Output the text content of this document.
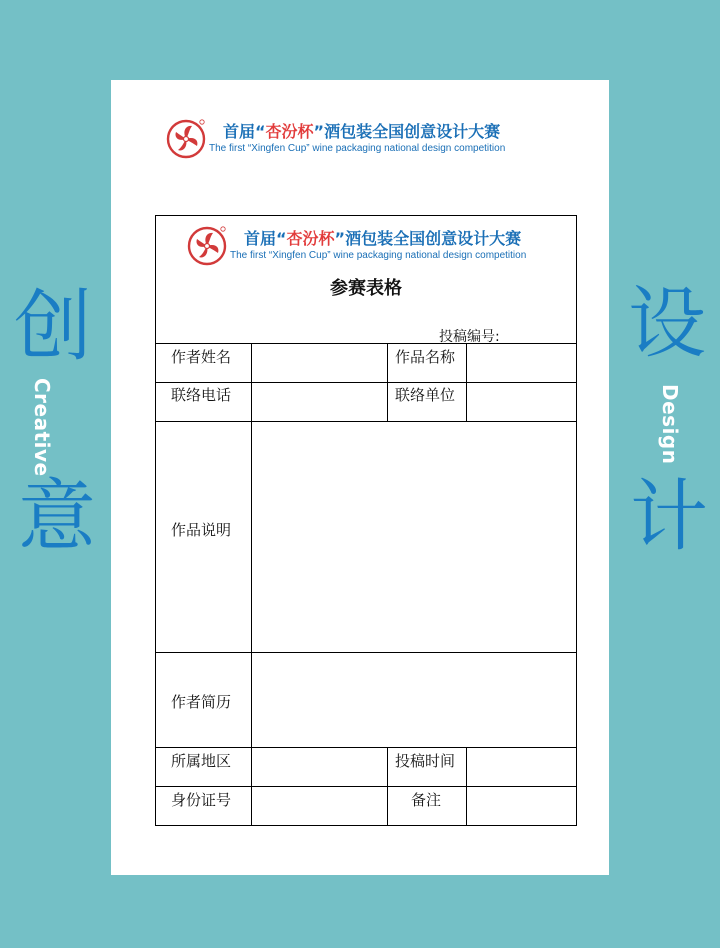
创
Creative
意
设
Design
计
首届“杏汾杯”酒包装全国创意设计大赛
The first “Xingfen Cup” wine packaging national design competition
首届“杏汾杯”酒包装全国创意设计大赛
The first “Xingfen Cup” wine packaging national design competition
参赛表格
投稿编号:
作者姓名	作品名称
联络电话	联络单位
作品说明
作者简历
所属地区	投稿时间
身份证号	备注
